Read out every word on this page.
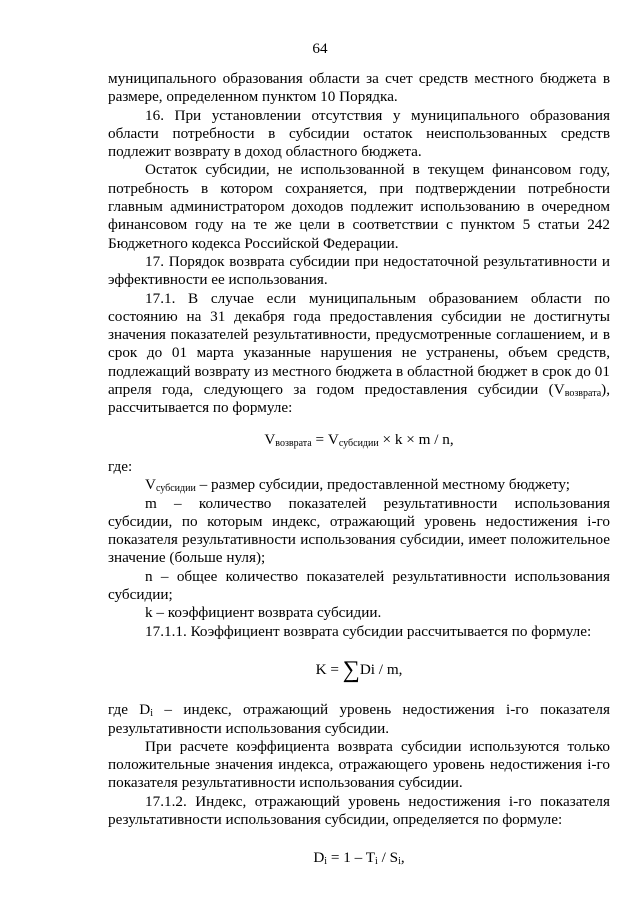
64

муниципального образования области за счет средств местного бюджета в размере, определенном пунктом 10 Порядка.

16. При установлении отсутствия у муниципального образования области потребности в субсидии остаток неиспользованных средств подлежит возврату в доход областного бюджета.

Остаток субсидии, не использованной в текущем финансовом году, потребность в котором сохраняется, при подтверждении потребности главным администратором доходов подлежит использованию в очередном финансовом году на те же цели в соответствии с пунктом 5 статьи 242 Бюджетного кодекса Российской Федерации.

17. Порядок возврата субсидии при недостаточной результативности и эффективности ее использования.

17.1. В случае если муниципальным образованием области по состоянию на 31 декабря года предоставления субсидии не достигнуты значения показателей результативности, предусмотренные соглашением, и в срок до 01 марта указанные нарушения не устранены, объем средств, подлежащий возврату из местного бюджета в областной бюджет в срок до 01 апреля года, следующего за годом предоставления субсидии $(V_{возврата})$, рассчитывается по формуле:

$V_{возврата} = V_{субсидии} \times k \times m / n$,

где:

$V_{субсидии}$ – размер субсидии, предоставленной местному бюджету;

m – количество показателей результативности использования субсидии, по которым индекс, отражающий уровень недостижения i-го показателя результативности использования субсидии, имеет положительное значение (больше нуля);

n – общее количество показателей результативности использования субсидии;

k – коэффициент возврата субсидии.

17.1.1. Коэффициент возврата субсидии рассчитывается по формуле:

K = ∑Di / m,

где $D_i$ – индекс, отражающий уровень недостижения i-го показателя результативности использования субсидии.

При расчете коэффициента возврата субсидии используются только положительные значения индекса, отражающего уровень недостижения i-го показателя результативности использования субсидии.

17.1.2. Индекс, отражающий уровень недостижения i-го показателя результативности использования субсидии, определяется по формуле:

$D_i = 1 - T_i / S_i$,
